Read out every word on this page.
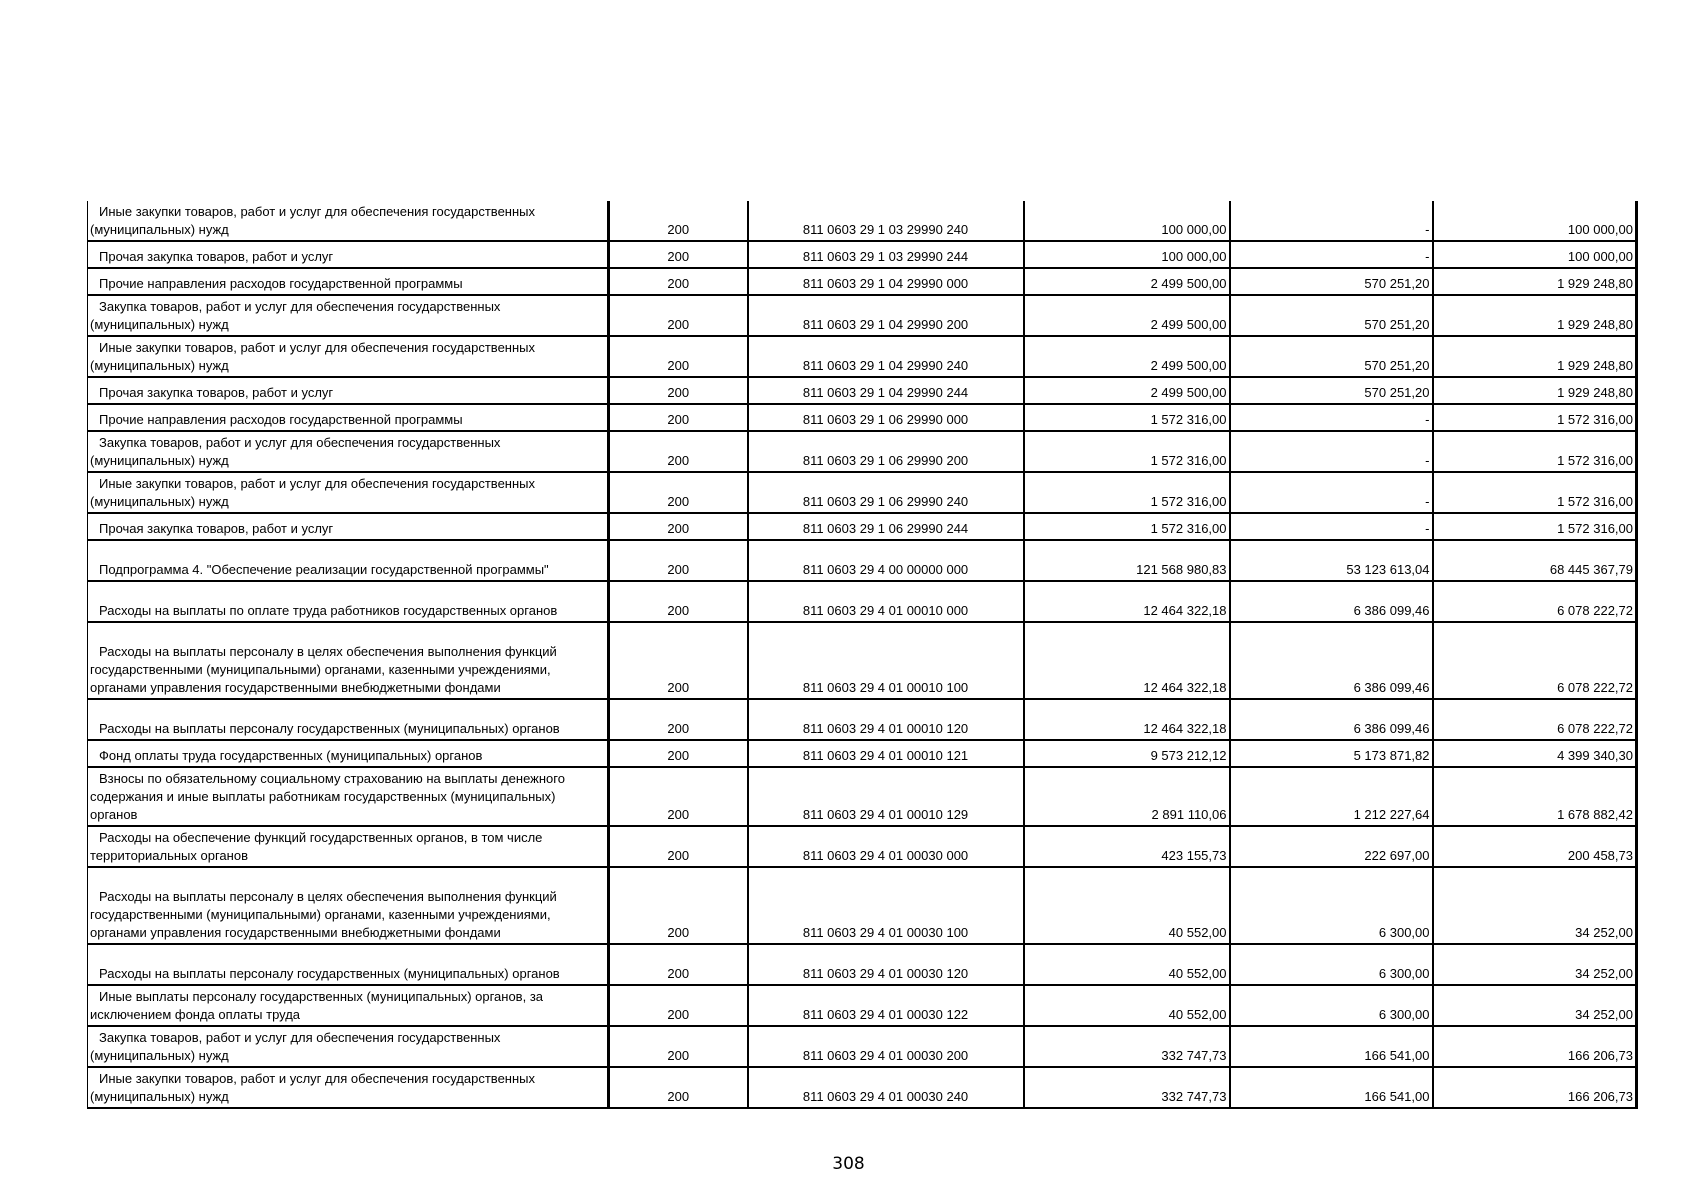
Иные закупки товаров, работ и услуг для обеспечения государственных (муниципальных) нужд	200	811 0603 29 1 03 29990 240	100 000,00	-	100 000,00
Прочая закупка товаров, работ и услуг	200	811 0603 29 1 03 29990 244	100 000,00	-	100 000,00
Прочие направления расходов государственной программы	200	811 0603 29 1 04 29990 000	2 499 500,00	570 251,20	1 929 248,80
Закупка товаров, работ и услуг для обеспечения государственных (муниципальных) нужд	200	811 0603 29 1 04 29990 200	2 499 500,00	570 251,20	1 929 248,80
Иные закупки товаров, работ и услуг для обеспечения государственных (муниципальных) нужд	200	811 0603 29 1 04 29990 240	2 499 500,00	570 251,20	1 929 248,80
Прочая закупка товаров, работ и услуг	200	811 0603 29 1 04 29990 244	2 499 500,00	570 251,20	1 929 248,80
Прочие направления расходов государственной программы	200	811 0603 29 1 06 29990 000	1 572 316,00	-	1 572 316,00
Закупка товаров, работ и услуг для обеспечения государственных (муниципальных) нужд	200	811 0603 29 1 06 29990 200	1 572 316,00	-	1 572 316,00
Иные закупки товаров, работ и услуг для обеспечения государственных (муниципальных) нужд	200	811 0603 29 1 06 29990 240	1 572 316,00	-	1 572 316,00
Прочая закупка товаров, работ и услуг	200	811 0603 29 1 06 29990 244	1 572 316,00	-	1 572 316,00
Подпрограмма 4. "Обеспечение реализации государственной программы"	200	811 0603 29 4 00 00000 000	121 568 980,83	53 123 613,04	68 445 367,79
Расходы на выплаты по оплате труда работников государственных органов	200	811 0603 29 4 01 00010 000	12 464 322,18	6 386 099,46	6 078 222,72
Расходы на выплаты персоналу в целях обеспечения выполнения функций государственными (муниципальными) органами, казенными учреждениями, органами управления государственными внебюджетными фондами	200	811 0603 29 4 01 00010 100	12 464 322,18	6 386 099,46	6 078 222,72
Расходы на выплаты персоналу государственных (муниципальных) органов	200	811 0603 29 4 01 00010 120	12 464 322,18	6 386 099,46	6 078 222,72
Фонд оплаты труда государственных (муниципальных) органов	200	811 0603 29 4 01 00010 121	9 573 212,12	5 173 871,82	4 399 340,30
Взносы по обязательному социальному страхованию на выплаты денежного содержания и иные выплаты работникам государственных (муниципальных) органов	200	811 0603 29 4 01 00010 129	2 891 110,06	1 212 227,64	1 678 882,42
Расходы на обеспечение функций государственных органов, в том числе территориальных органов	200	811 0603 29 4 01 00030 000	423 155,73	222 697,00	200 458,73
Расходы на выплаты персоналу в целях обеспечения выполнения функций государственными (муниципальными) органами, казенными учреждениями, органами управления государственными внебюджетными фондами	200	811 0603 29 4 01 00030 100	40 552,00	6 300,00	34 252,00
Расходы на выплаты персоналу государственных (муниципальных) органов	200	811 0603 29 4 01 00030 120	40 552,00	6 300,00	34 252,00
Иные выплаты персоналу государственных (муниципальных) органов, за исключением фонда оплаты труда	200	811 0603 29 4 01 00030 122	40 552,00	6 300,00	34 252,00
Закупка товаров, работ и услуг для обеспечения государственных (муниципальных) нужд	200	811 0603 29 4 01 00030 200	332 747,73	166 541,00	166 206,73
Иные закупки товаров, работ и услуг для обеспечения государственных (муниципальных) нужд	200	811 0603 29 4 01 00030 240	332 747,73	166 541,00	166 206,73
308
